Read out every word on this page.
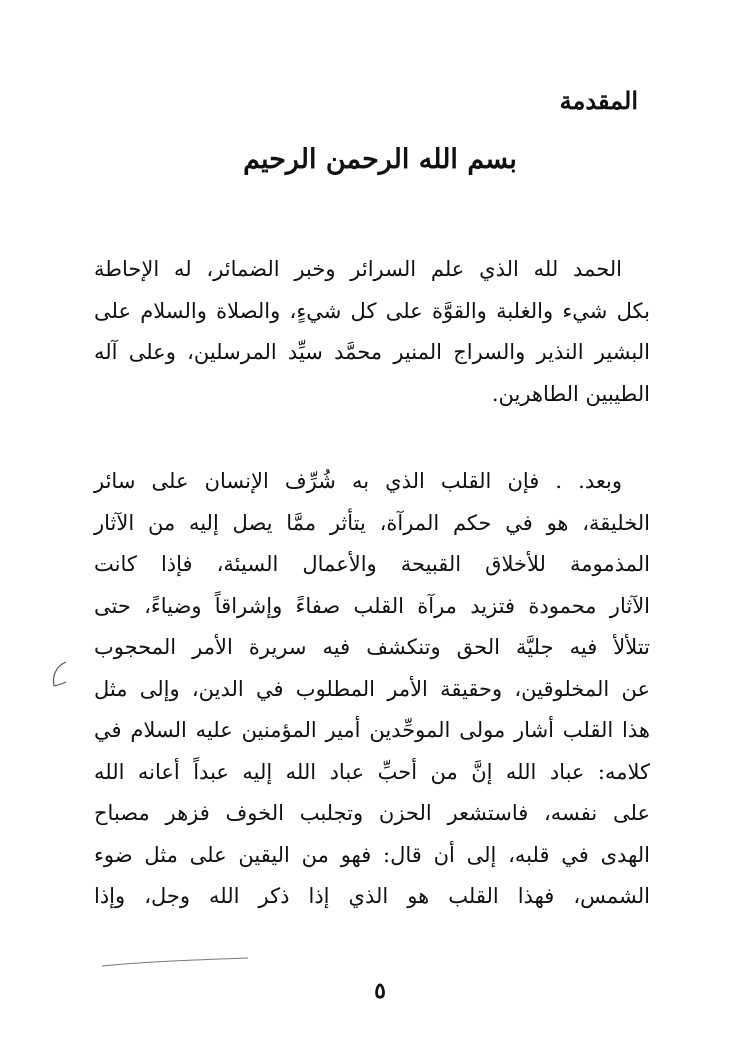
المقدمة
بسم الله الرحمن الرحيم

الحمد لله الذي علم السرائر وخبر الضمائر، له الإحاطة
بكل شيء والغلبة والقوَّة على كل شيءٍ، والصلاة والسلام على
البشير النذير والسراج المنير محمَّد سيِّد المرسلين، وعلى آله
الطيبين الطاهرين.

وبعد. . فإن القلب الذي به شُرِّف الإنسان على سائر
الخليقة، هو في حكم المرآة، يتأثر ممَّا يصل إليه من الآثار
المذمومة للأخلاق القبيحة والأعمال السيئة، فإذا كانت
الآثار محمودة فتزيد مرآة القلب صفاءً وإشراقاً وضياءً، حتى
تتلألأ فيه جليَّة الحق وتنكشف فيه سريرة الأمر المحجوب
عن المخلوقين، وحقيقة الأمر المطلوب في الدين، وإلى مثل
هذا القلب أشار مولى الموحِّدين أمير المؤمنين عليه السلام في
كلامه: عباد الله إنَّ من أحبِّ عباد الله إليه عبداً أعانه الله
على نفسه، فاستشعر الحزن وتجلبب الخوف فزهر مصباح
الهدى في قلبه، إلى أن قال: فهو من اليقين على مثل ضوء
الشمس، فهذا القلب هو الذي إذا ذكر الله وجل، وإذا

٥
